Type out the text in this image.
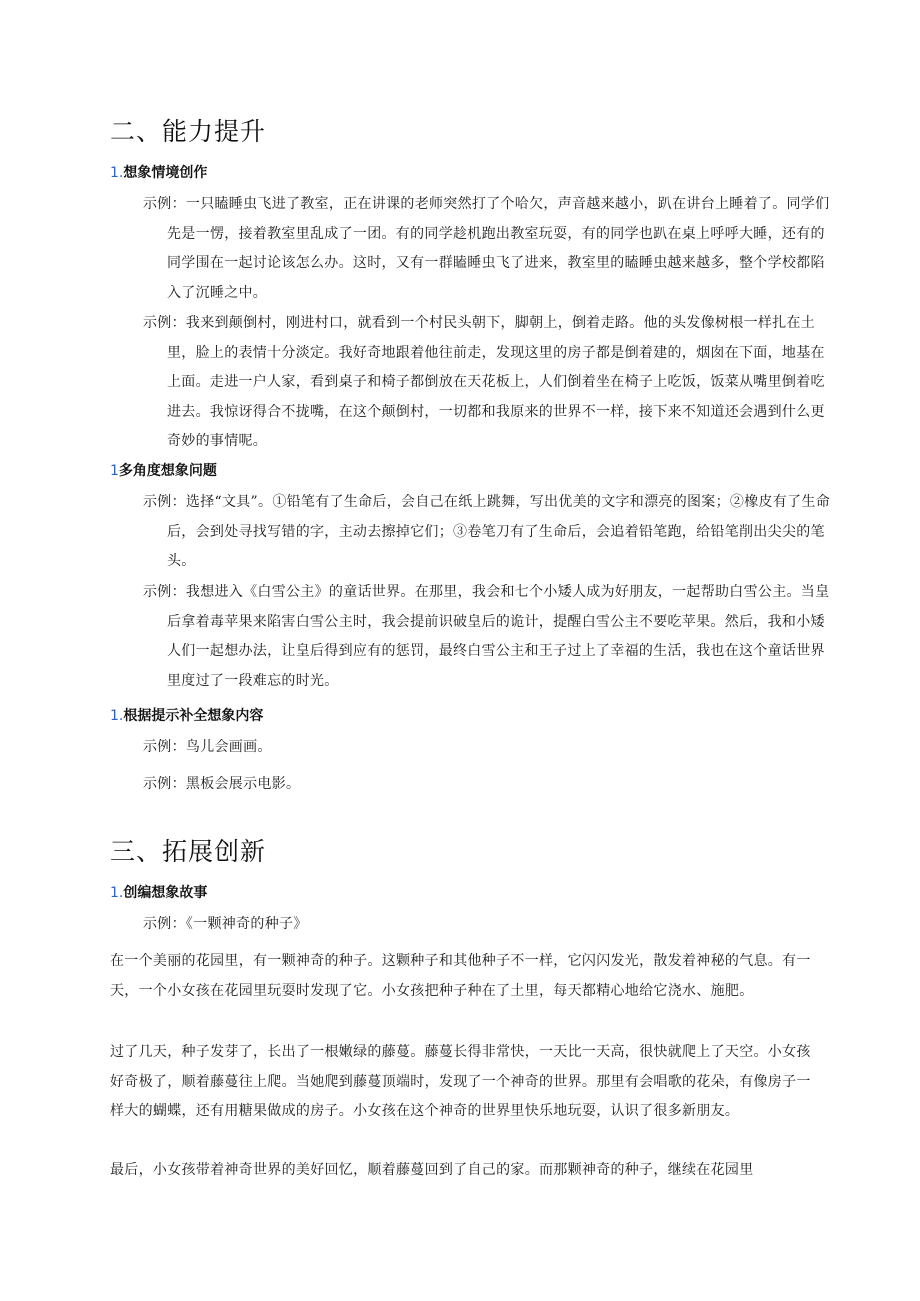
二、能力提升
1.想象情境创作

示例：一只瞌睡虫飞进了教室，正在讲课的老师突然打了个哈欠，声音越来越小，趴在讲台上睡着了。同学们先是一愣，接着教室里乱成了一团。有的同学趁机跑出教室玩耍，有的同学也趴在桌上呼呼大睡，还有的同学围在一起讨论该怎么办。这时，又有一群瞌睡虫飞了进来，教室里的瞌睡虫越来越多，整个学校都陷入了沉睡之中。

示例：我来到颠倒村，刚进村口，就看到一个村民头朝下，脚朝上，倒着走路。他的头发像树根一样扎在土里，脸上的表情十分淡定。我好奇地跟着他往前走，发现这里的房子都是倒着建的，烟囱在下面，地基在上面。走进一户人家，看到桌子和椅子都倒放在天花板上，人们倒着坐在椅子上吃饭，饭菜从嘴里倒着吃进去。我惊讶得合不拢嘴，在这个颠倒村，一切都和我原来的世界不一样，接下来不知道还会遇到什么更奇妙的事情呢。

1多角度想象问题

示例：选择“文具”。①铅笔有了生命后，会自己在纸上跳舞，写出优美的文字和漂亮的图案；②橡皮有了生命后，会到处寻找写错的字，主动去擦掉它们；③卷笔刀有了生命后，会追着铅笔跑，给铅笔削出尖尖的笔头。

示例：我想进入《白雪公主》的童话世界。在那里，我会和七个小矮人成为好朋友，一起帮助白雪公主。当皇后拿着毒苹果来陷害白雪公主时，我会提前识破皇后的诡计，提醒白雪公主不要吃苹果。然后，我和小矮人们一起想办法，让皇后得到应有的惩罚，最终白雪公主和王子过上了幸福的生活，我也在这个童话世界里度过了一段难忘的时光。

1.根据提示补全想象内容

示例：鸟儿会画画。

示例：黑板会展示电影。

三、拓展创新
1.创编想象故事

示例：《一颗神奇的种子》

在一个美丽的花园里，有一颗神奇的种子。这颗种子和其他种子不一样，它闪闪发光，散发着神秘的气息。有一天，一个小女孩在花园里玩耍时发现了它。小女孩把种子种在了土里，每天都精心地给它浇水、施肥。

过了几天，种子发芽了，长出了一根嫩绿的藤蔓。藤蔓长得非常快，一天比一天高，很快就爬上了天空。小女孩好奇极了，顺着藤蔓往上爬。当她爬到藤蔓顶端时，发现了一个神奇的世界。那里有会唱歌的花朵，有像房子一样大的蝴蝶，还有用糖果做成的房子。小女孩在这个神奇的世界里快乐地玩耍，认识了很多新朋友。

最后，小女孩带着神奇世界的美好回忆，顺着藤蔓回到了自己的家。而那颗神奇的种子，继续在花园里
